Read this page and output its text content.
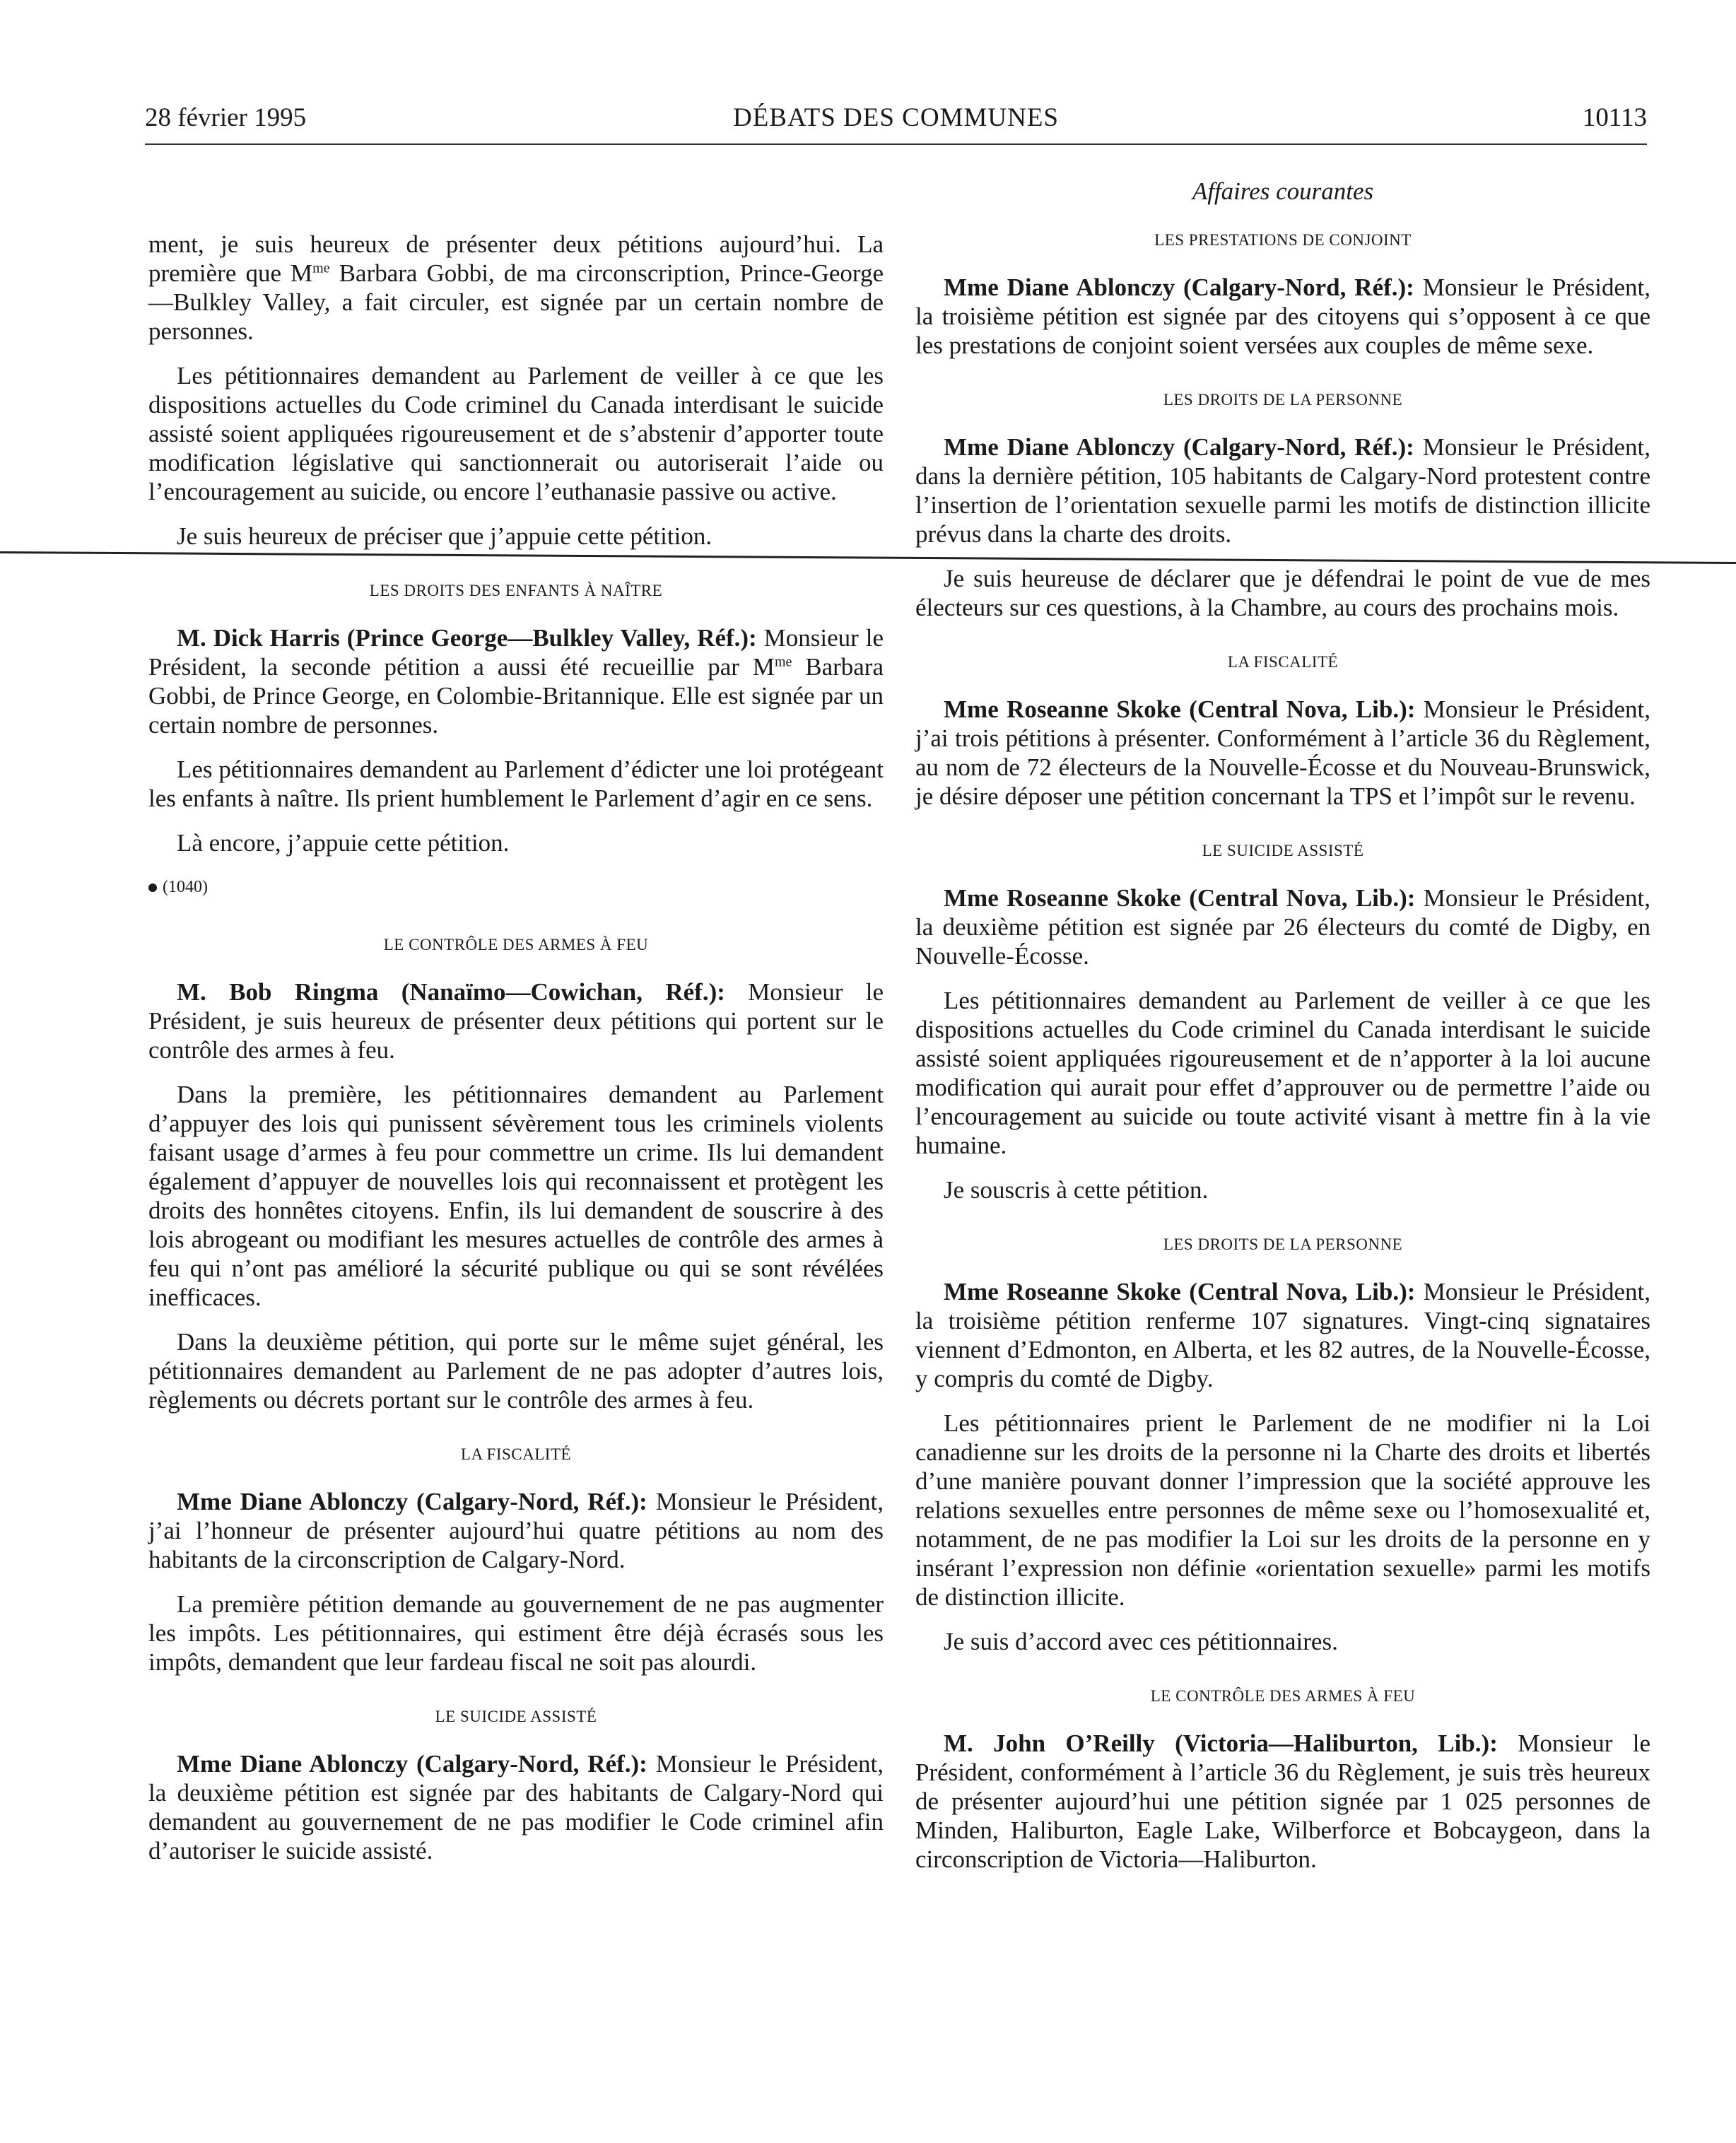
28 février 1995	DÉBATS DES COMMUNES	10113

ment, je suis heureux de présenter deux pétitions aujourd’hui. La première que $M^{me}$ Barbara Gobbi, de ma circonscription, Prince-George—Bulkley Valley, a fait circuler, est signée par un certain nombre de personnes.

Les pétitionnaires demandent au Parlement de veiller à ce que les dispositions actuelles du Code criminel du Canada interdisant le suicide assisté soient appliquées rigoureusement et de s’abstenir d’apporter toute modification législative qui sanctionnerait ou autoriserait l’aide ou l’encouragement au suicide, ou encore l’euthanasie passive ou active.

Je suis heureux de préciser que j’appuie cette pétition.

LES DROITS DES ENFANTS À NAÎTRE

M. Dick Harris (Prince George—Bulkley Valley, Réf.): Monsieur le Président, la seconde pétition a aussi été recueillie par $M^{me}$ Barbara Gobbi, de Prince George, en Colombie-Britannique. Elle est signée par un certain nombre de personnes.

Les pétitionnaires demandent au Parlement d’édicter une loi protégeant les enfants à naître. Ils prient humblement le Parlement d’agir en ce sens.

Là encore, j’appuie cette pétition.

(1040)
LE CONTRÔLE DES ARMES À FEU

M. Bob Ringma (Nanaïmo—Cowichan, Réf.): Monsieur le Président, je suis heureux de présenter deux pétitions qui portent sur le contrôle des armes à feu.

Dans la première, les pétitionnaires demandent au Parlement d’appuyer des lois qui punissent sévèrement tous les criminels violents faisant usage d’armes à feu pour commettre un crime. Ils lui demandent également d’appuyer de nouvelles lois qui reconnaissent et protègent les droits des honnêtes citoyens. Enfin, ils lui demandent de souscrire à des lois abrogeant ou modifiant les mesures actuelles de contrôle des armes à feu qui n’ont pas amélioré la sécurité publique ou qui se sont révélées inefficaces.

Dans la deuxième pétition, qui porte sur le même sujet général, les pétitionnaires demandent au Parlement de ne pas adopter d’autres lois, règlements ou décrets portant sur le contrôle des armes à feu.

LA FISCALITÉ

Mme Diane Ablonczy (Calgary-Nord, Réf.): Monsieur le Président, j’ai l’honneur de présenter aujourd’hui quatre pétitions au nom des habitants de la circonscription de Calgary-Nord.

La première pétition demande au gouvernement de ne pas augmenter les impôts. Les pétitionnaires, qui estiment être déjà écrasés sous les impôts, demandent que leur fardeau fiscal ne soit pas alourdi.

LE SUICIDE ASSISTÉ

Mme Diane Ablonczy (Calgary-Nord, Réf.): Monsieur le Président, la deuxième pétition est signée par des habitants de Calgary-Nord qui demandent au gouvernement de ne pas modifier le Code criminel afin d’autoriser le suicide assisté.

Affaires courantes
LES PRESTATIONS DE CONJOINT

Mme Diane Ablonczy (Calgary-Nord, Réf.): Monsieur le Président, la troisième pétition est signée par des citoyens qui s’opposent à ce que les prestations de conjoint soient versées aux couples de même sexe.

LES DROITS DE LA PERSONNE

Mme Diane Ablonczy (Calgary-Nord, Réf.): Monsieur le Président, dans la dernière pétition, 105 habitants de Calgary-Nord protestent contre l’insertion de l’orientation sexuelle parmi les motifs de distinction illicite prévus dans la charte des droits.

Je suis heureuse de déclarer que je défendrai le point de vue de mes électeurs sur ces questions, à la Chambre, au cours des prochains mois.

LA FISCALITÉ

Mme Roseanne Skoke (Central Nova, Lib.): Monsieur le Président, j’ai trois pétitions à présenter. Conformément à l’article 36 du Règlement, au nom de 72 électeurs de la Nouvelle-Écosse et du Nouveau-Brunswick, je désire déposer une pétition concernant la TPS et l’impôt sur le revenu.

LE SUICIDE ASSISTÉ

Mme Roseanne Skoke (Central Nova, Lib.): Monsieur le Président, la deuxième pétition est signée par 26 électeurs du comté de Digby, en Nouvelle-Écosse.

Les pétitionnaires demandent au Parlement de veiller à ce que les dispositions actuelles du Code criminel du Canada interdisant le suicide assisté soient appliquées rigoureusement et de n’apporter à la loi aucune modification qui aurait pour effet d’approuver ou de permettre l’aide ou l’encouragement au suicide ou toute activité visant à mettre fin à la vie humaine.

Je souscris à cette pétition.

LES DROITS DE LA PERSONNE

Mme Roseanne Skoke (Central Nova, Lib.): Monsieur le Président, la troisième pétition renferme 107 signatures. Vingt-cinq signataires viennent d’Edmonton, en Alberta, et les 82 autres, de la Nouvelle-Écosse, y compris du comté de Digby.

Les pétitionnaires prient le Parlement de ne modifier ni la Loi canadienne sur les droits de la personne ni la Charte des droits et libertés d’une manière pouvant donner l’impression que la société approuve les relations sexuelles entre personnes de même sexe ou l’homosexualité et, notamment, de ne pas modifier la Loi sur les droits de la personne en y insérant l’expression non définie «orientation sexuelle» parmi les motifs de distinction illicite.

Je suis d’accord avec ces pétitionnaires.

LE CONTRÔLE DES ARMES À FEU

M. John O’Reilly (Victoria—Haliburton, Lib.): Monsieur le Président, conformément à l’article 36 du Règlement, je suis très heureux de présenter aujourd’hui une pétition signée par 1 025 personnes de Minden, Haliburton, Eagle Lake, Wilberforce et Bobcaygeon, dans la circonscription de Victoria—Haliburton.
